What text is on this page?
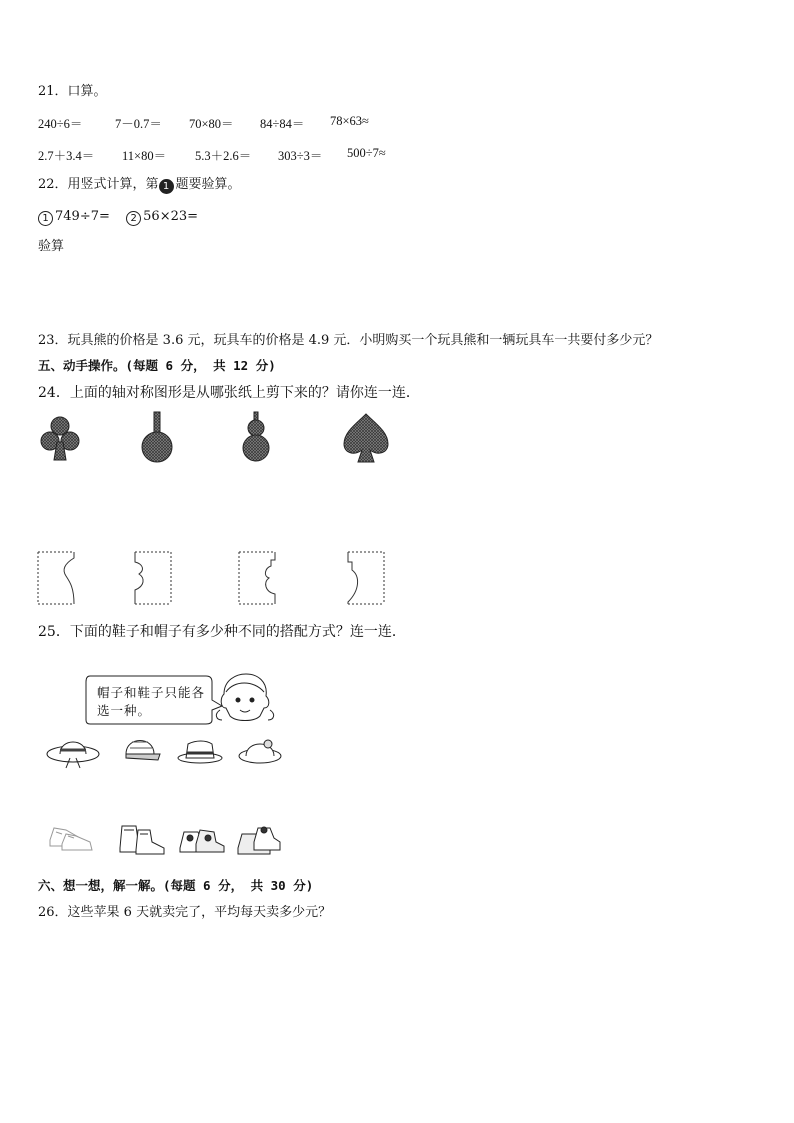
21．口算。
240÷6＝	7－0.7＝ 70×80＝ 84÷84＝ 78×63≈
2.7＋3.4＝ 11×80＝ 5.3＋2.6＝ 303÷3＝ 500÷7≈
22．用竖式计算，第 1 题要验算。
1 749÷7= 2 56×23=
验算
23．玩具熊的价格是 3.6 元，玩具车的价格是 4.9 元．小明购买一个玩具熊和一辆玩具车一共要付多少元？
五、动手操作。(每题 6 分， 共 12 分)
24．上面的轴对称图形是从哪张纸上剪下来的？请你连一连．
25．下面的鞋子和帽子有多少种不同的搭配方式？连一连．
帽子和鞋子只能各选一种。
六、想一想，解一解。(每题 6 分， 共 30 分)
26．这些苹果 6 天就卖完了，平均每天卖多少元？
